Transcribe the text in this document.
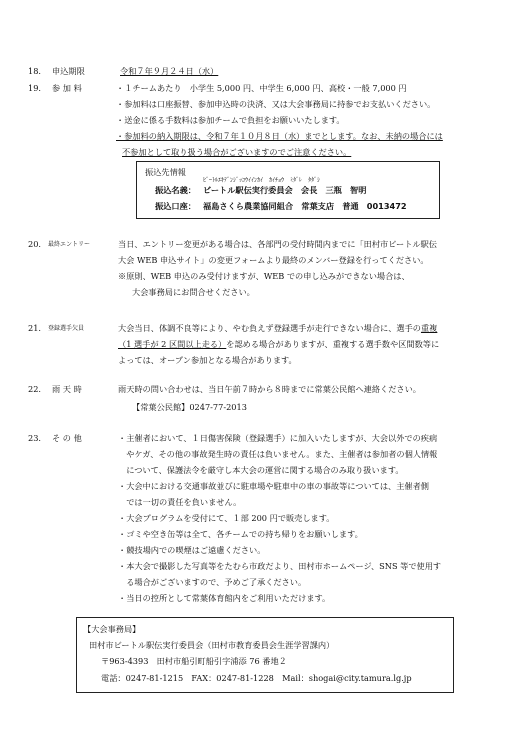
18.	申込期限	令和７年９月２４日（水）
19.	参 加 料	・１チームあたり　小学生 5,000 円、中学生 6,000 円、高校・一般 7,000 円
・参加料は口座振替、参加申込時の決済、又は大会事務局に持参でお支払いください。
・送金に係る手数料は参加チームで負担をお願いいたします。
・参加料の納入期限は、令和７年１０月８日（水）までとします。なお、未納の場合には
不参加として取り扱う場合がございますのでご注意ください。
振込先情報
ﾋﾞｰﾄﾙｴｷﾃﾞﾝｼﾞｯｺｳｲｲﾝｶｲ　ｶｲﾁｮｳ　ﾐﾀﾞﾚ　ﾀﾀﾞｼ
振込名義： ビートル駅伝実行委員会　会長　三瓶　智明
振込口座： 福島さくら農業協同組合　常葉支店　普通　0013472
20.	最終エントリー	当日、エントリー変更がある場合は、各部門の受付時間内までに「田村市ビートル駅伝
大会 WEB 申込サイト」の変更フォームより最終のメンバー登録を行ってください。
※原則、WEB 申込のみ受付けますが、WEB での申し込みができない場合は、
大会事務局にお問合せください。
21.	登録選手欠員	大会当日、体調不良等により、やむ負えず登録選手が走行できない場合に、選手の重複
（1 選手が 2 区間以上走る）を認める場合がありますが、重複する選手数や区間数等に
よっては、オープン参加となる場合があります。
22.	雨 天 時	雨天時の問い合わせは、当日午前７時から８時までに常葉公民館へ連絡ください。
【常葉公民館】0247-77-2013
23.	そ の 他	・主催者において、１日傷害保険（登録選手）に加入いたしますが、大会以外での疾病
　やケガ、その他の事故発生時の責任は負いません。また、主催者は参加者の個人情報
　について、保護法令を厳守し本大会の運営に関する場合のみ取り扱います。
・大会中における交通事故並びに駐車場や駐車中の車の事故等については、主催者側
　では一切の責任を負いません。
・大会プログラムを受付にて、１部 200 円で販売します。
・ゴミや空き缶等は全て、各チームでの持ち帰りをお願いします。
・競技場内での喫煙はご遠慮ください。
・本大会で撮影した写真等をたむら市政だより、田村市ホームページ、SNS 等で使用す
　る場合がございますので、予めご了承ください。
・当日の控所として常葉体育館内をご利用いただけます。
【大会事務局】
田村市ビートル駅伝実行委員会（田村市教育委員会生涯学習課内）
〒963-4393　田村市船引町船引字浦添 76 番地２
電話：0247-81-1215　FAX：0247-81-1228　Mail：shogai@city.tamura.lg.jp
